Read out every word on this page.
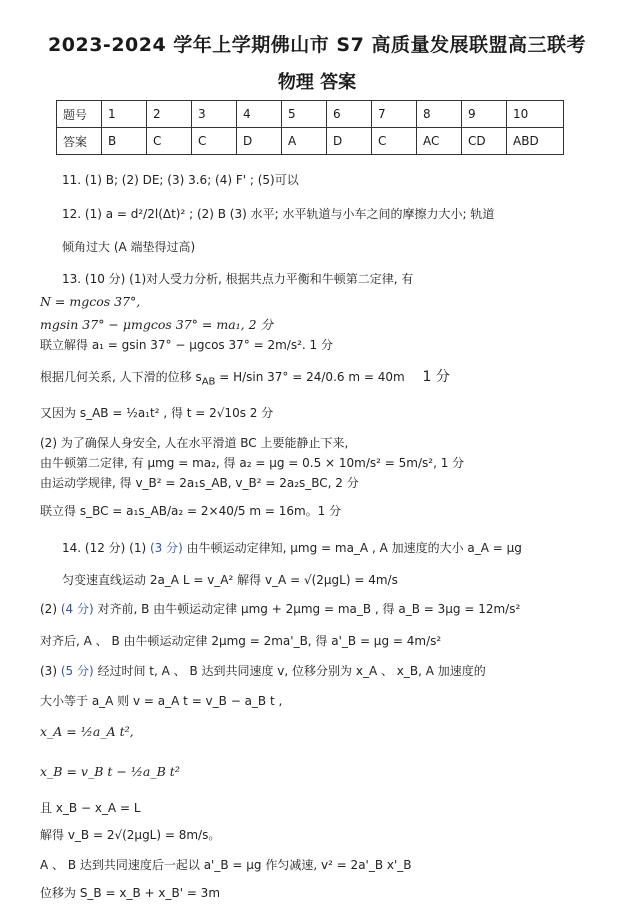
2023-2024 学年上学期佛山市 S7 高质量发展联盟高三联考
物理 答案
题号	1	2	3	4	5	6	7	8	9	10
答案	B	C	C	D	A	D	C	AC	CD	ABD
11. (1) B; (2) DE; (3) 3.6; (4) F' ; (5)可以
12. (1) a = d²/2l(Δt)² ; (2) B (3) 水平; 水平轨道与小车之间的摩擦力大小; 轨道
倾角过大 (A 端垫得过高)
13. (10 分) (1)对人受力分析, 根据共点力平衡和牛顿第二定律, 有
N = mgcos 37°,
mgsin 37° − μmgcos 37° = ma₁, 2 分
联立解得 a₁ = gsin 37° − μgcos 37° = 2m/s². 1 分
根据几何关系, 人下滑的位移 $s_{AB} = H/\sin$ 37° = 24/0.6 m = 40m 1 分
又因为 s_AB = ½a₁t² , 得 t = 2√10s 2 分
(2) 为了确保人身安全, 人在水平滑道 BC 上要能静止下来,
由牛顿第二定律, 有 μmg = ma₂, 得 a₂ = μg = 0.5 × 10m/s² = 5m/s², 1 分
由运动学规律, 得 v_B² = 2a₁s_AB, v_B² = 2a₂s_BC, 2 分
联立得 s_BC = a₁s_AB/a₂ = 2×40/5 m = 16m。1 分
14. (12 分) (1) (3 分) 由牛顿运动定律知, μmg = ma_A , A 加速度的大小 a_A = μg
匀变速直线运动 2a_A L = v_A² 解得 v_A = √(2μgL) = 4m/s
(2) (4 分) 对齐前, B 由牛顿运动定律 μmg + 2μmg = ma_B , 得 a_B = 3μg = 12m/s²
对齐后, A 、 B 由牛顿运动定律 2μmg = 2ma'_B, 得 a'_B = μg = 4m/s²
(3) (5 分) 经过时间 t, A 、 B 达到共同速度 v, 位移分别为 x_A 、 x_B, A 加速度的
大小等于 a_A 则 v = a_A t = v_B − a_B t ,
x_A = ½a_A t²,
x_B = v_B t − ½a_B t²
且 x_B − x_A = L
解得 v_B = 2√(2μgL) = 8m/s。
A 、 B 达到共同速度后一起以 a'_B = μg 作匀减速, v² = 2a'_B x'_B
位移为 S_B = x_B + x_B' = 3m
